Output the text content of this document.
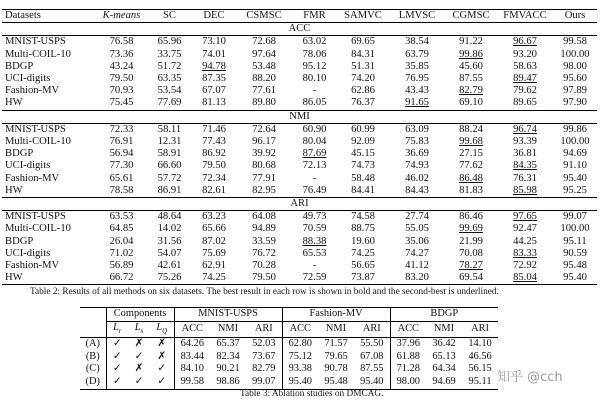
Datasets	K-means	SC	DEC	CSMSC	FMR	SAMVC	LMVSC	CGMSC	FMVACC	Ours
ACC										
MNIST-USPS	76.58	65.96	73.10	72.68	63.02	69.65	38.54	91.22	96.67	99.58
Multi-COIL-10	73.36	33.75	74.01	97.64	78.06	84.31	63.79	99.86	93.20	100.00
BDGP	43.24	51.72	94.78	53.48	95.12	51.31	35.85	45.60	58.63	98.00
UCI-digits	79.50	63.35	87.35	88.20	80.10	74.20	76.95	87.55	89.47	95.60
Fashion-MV	70.93	53.54	67.07	77.61	-	62.86	43.43	82.79	79.62	97.89
HW	75.45	77.69	81.13	89.80	86.05	76.37	91.65	69.10	89.65	97.90
NMI										
MNIST-USPS	72.33	58.11	71.46	72.64	60.90	60.99	63.09	88.24	96.74	99.86
Multi-COIL-10	76.91	12.31	77.43	96.17	80.04	92.09	75.83	99.68	93.39	100.00
BDGP	56.94	58.91	86.92	39.92	87.69	45.15	36.69	27.15	36.81	94.69
UCI-digits	77.30	66.60	79.50	80.68	72.13	74.73	74.93	77.62	84.35	91.10
Fashion-MV	65.61	57.72	72.34	77.91	-	58.48	46.02	86.48	76.31	95.40
HW	78.58	86.91	82.61	82.95	76.49	84.41	84.43	81.83	85.98	95.25
ARI										
MNIST-USPS	63.53	48.64	63.23	64.08	49.73	74.58	27.74	86.46	97.65	99.07
Multi-COIL-10	64.85	14.02	65.66	94.89	70.59	88.75	55.05	99.69	92.47	100.00
BDGP	26.04	31.56	87.02	33.59	88.38	19.60	35.06	21.99	44.25	95.11
UCI-digits	71.02	54.07	75.69	76.72	65.53	74.25	74.27	70.08	83.33	90.59
Fashion-MV	56.89	42.61	62.91	70.28	-	56.65	41.12	78.27	72.92	95.48
HW	66.72	75.26	74.25	79.50	72.59	73.87	83.20	69.54	85.04	95.40
Table 2: Results of all methods on six datasets. The best result in each row is shown in bold and the second-best is underlined.
	Components			MNIST-USPS			Fashion-MV			BDGP		
	$L_r$	$L_s$	$L_Q$	ACC	NMI	ARI	ACC	NMI	ARI	ACC	NMI	ARI
(A)	✓	✗	✗	64.26	65.37	52.03	62.80	71.57	55.50	37.96	36.42	14.10
(B)	✓	✓	✗	83.44	82.34	73.67	75.12	79.65	67.08	61.88	65.13	46.56
(C)	✓	✗	✓	84.10	90.21	82.79	93.38	90.78	87.55	71.28	64.34	56.15
(D)	✓	✓	✓	99.58	98.86	99.07	95.40	95.48	95.40	98.00	94.69	95.11
Table 3: Ablation studies on DMCAG.
知乎 @cch
